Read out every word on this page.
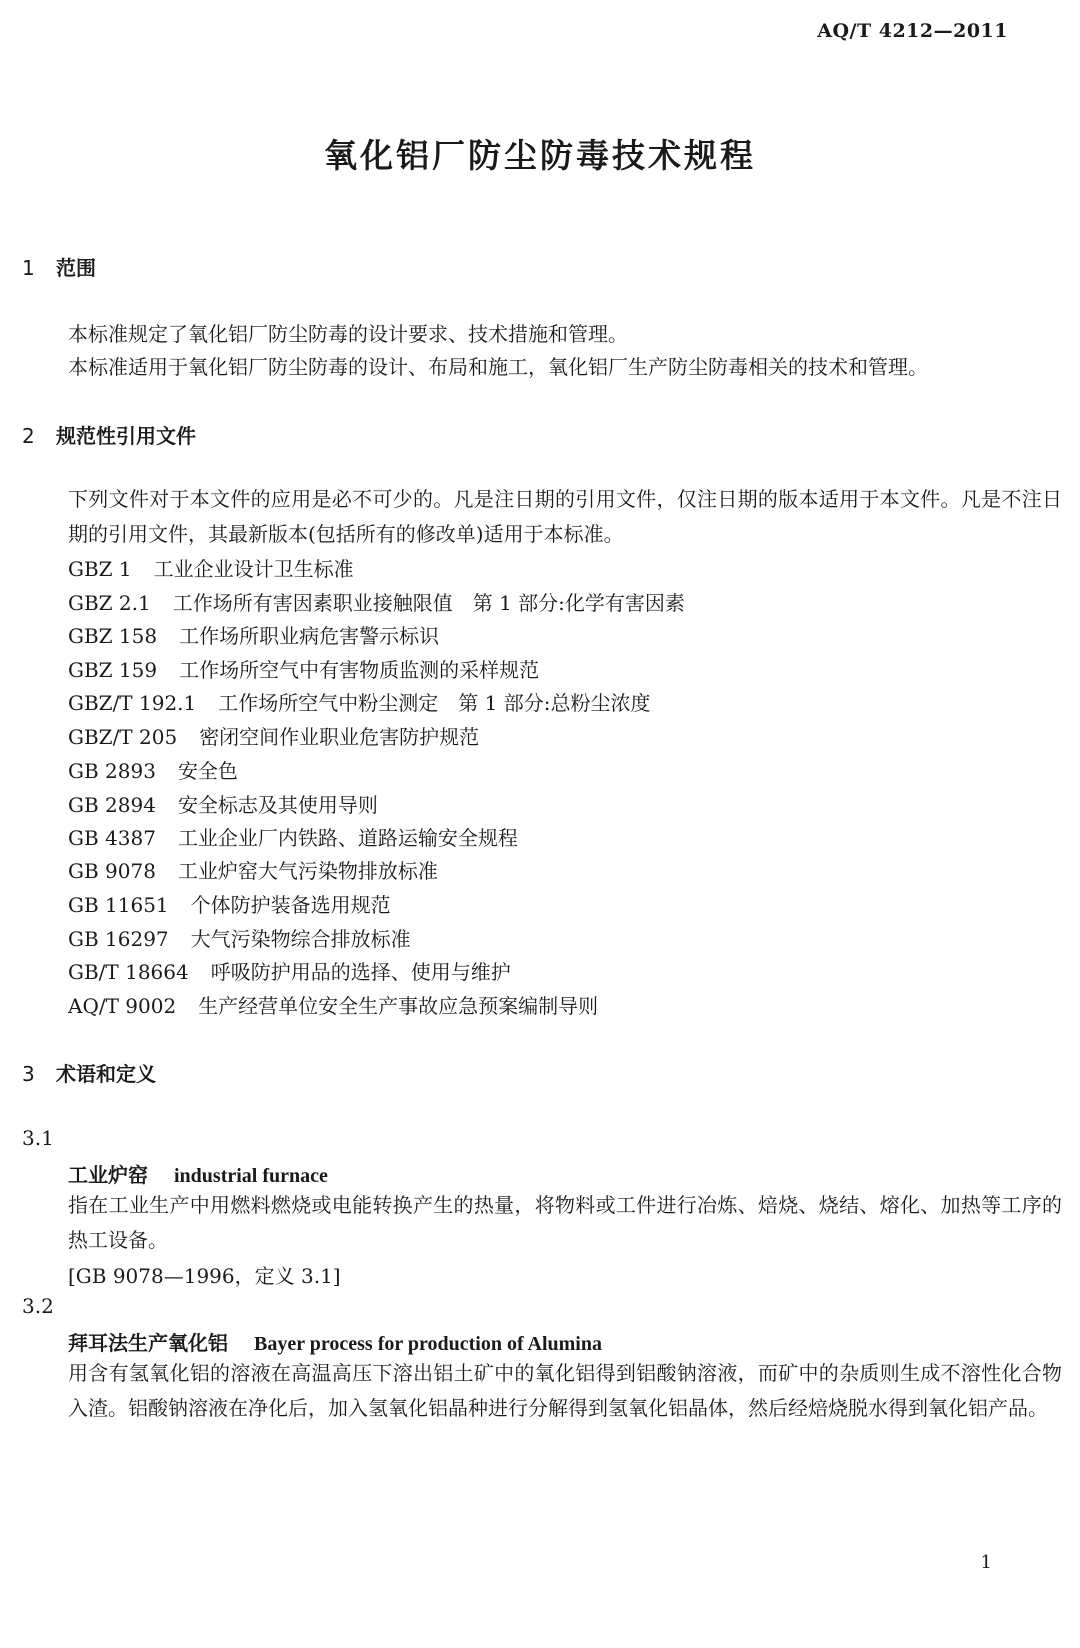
AQ/T 4212—2011
氧化铝厂防尘防毒技术规程
1 范围
本标准规定了氧化铝厂防尘防毒的设计要求、技术措施和管理。
本标准适用于氧化铝厂防尘防毒的设计、布局和施工，氧化铝厂生产防尘防毒相关的技术和管理。
2 规范性引用文件
下列文件对于本文件的应用是必不可少的。凡是注日期的引用文件，仅注日期的版本适用于本文件。凡是不注日期的引用文件，其最新版本(包括所有的修改单)适用于本标准。
GBZ 1 工业企业设计卫生标准
GBZ 2.1 工作场所有害因素职业接触限值　第 1 部分:化学有害因素
GBZ 158 工作场所职业病危害警示标识
GBZ 159 工作场所空气中有害物质监测的采样规范
GBZ/T 192.1 工作场所空气中粉尘测定　第 1 部分:总粉尘浓度
GBZ/T 205 密闭空间作业职业危害防护规范
GB 2893 安全色
GB 2894 安全标志及其使用导则
GB 4387 工业企业厂内铁路、道路运输安全规程
GB 9078 工业炉窑大气污染物排放标准
GB 11651 个体防护装备选用规范
GB 16297 大气污染物综合排放标准
GB/T 18664 呼吸防护用品的选择、使用与维护
AQ/T 9002 生产经营单位安全生产事故应急预案编制导则
3 术语和定义
3.1
工业炉窑 industrial furnace
指在工业生产中用燃料燃烧或电能转换产生的热量，将物料或工件进行冶炼、焙烧、烧结、熔化、加热等工序的热工设备。
[GB 9078—1996，定义 3.1]
3.2
拜耳法生产氧化铝 Bayer process for production of Alumina
用含有氢氧化铝的溶液在高温高压下溶出铝土矿中的氧化铝得到铝酸钠溶液，而矿中的杂质则生成不溶性化合物入渣。铝酸钠溶液在净化后，加入氢氧化铝晶种进行分解得到氢氧化铝晶体，然后经焙烧脱水得到氧化铝产品。
1
